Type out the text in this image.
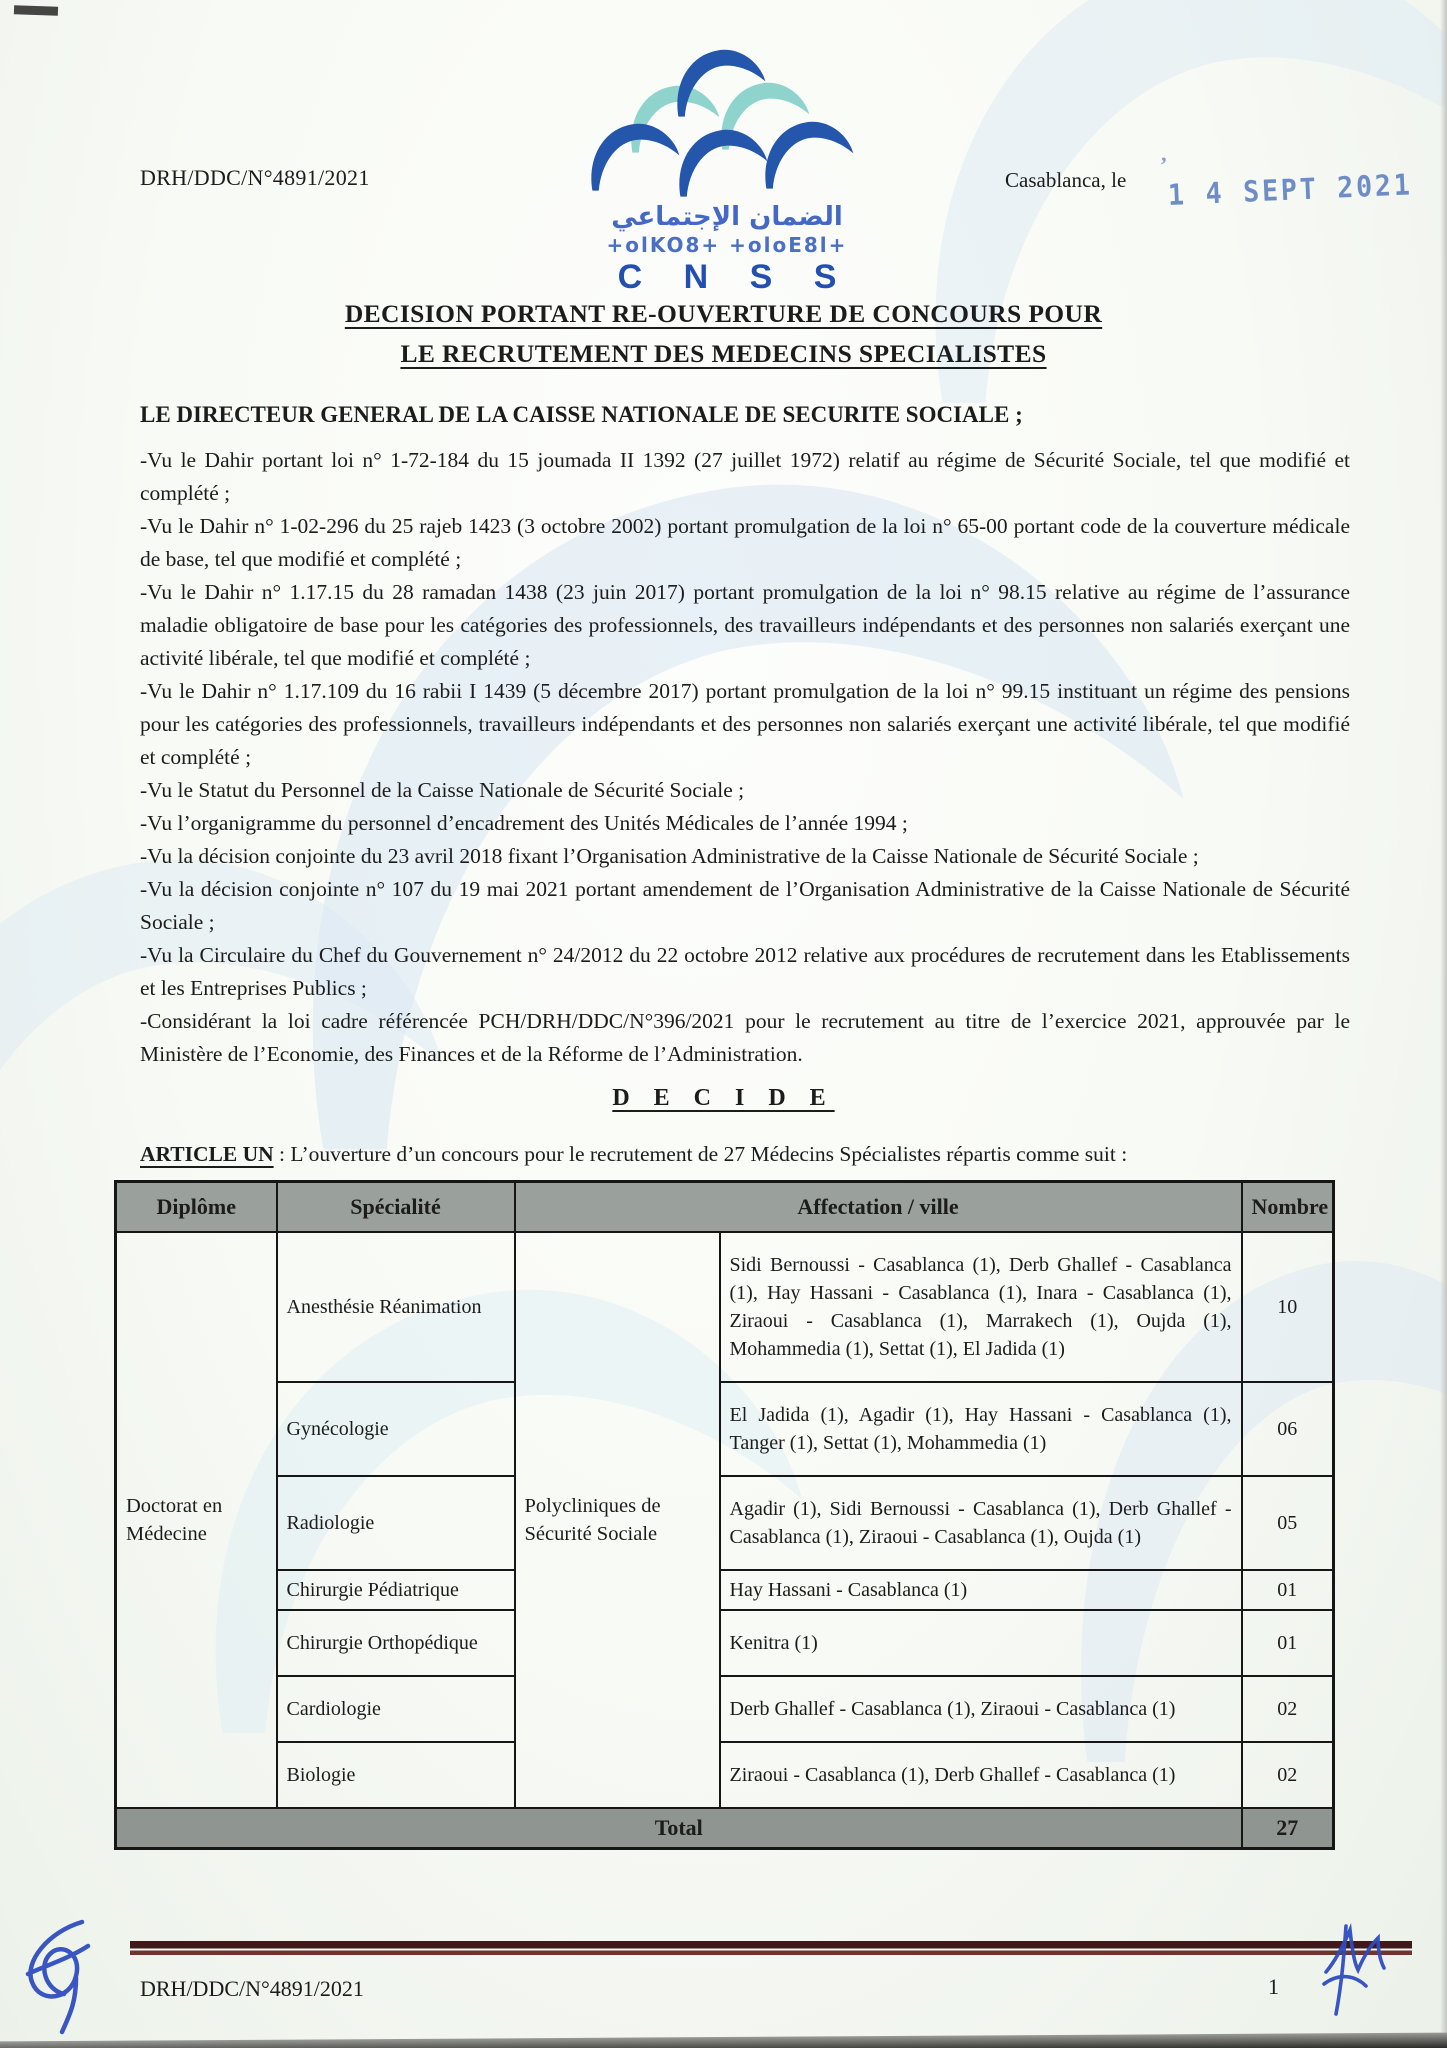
DRH/DDC/N°4891/2021
الضمان الإجتماعي
+olKO8+ +oloE8l+
C N S S
Casablanca, le
’
1 4 SEPT 2021
DECISION PORTANT RE-OUVERTURE DE CONCOURS POUR
LE RECRUTEMENT DES MEDECINS SPECIALISTES
LE DIRECTEUR GENERAL DE LA CAISSE NATIONALE DE SECURITE SOCIALE ;

-Vu le Dahir portant loi n° 1-72-184 du 15 joumada II 1392 (27 juillet 1972) relatif au régime de Sécurité Sociale, tel que modifié et complété ;

-Vu le Dahir n° 1-02-296 du 25 rajeb 1423 (3 octobre 2002) portant promulgation de la loi n° 65-00 portant code de la couverture médicale de base, tel que modifié et complété ;

-Vu le Dahir n° 1.17.15 du 28 ramadan 1438 (23 juin 2017) portant promulgation de la loi n° 98.15 relative au régime de l’assurance maladie obligatoire de base pour les catégories des professionnels, des travailleurs indépendants et des personnes non salariés exerçant une activité libérale, tel que modifié et complété ;

-Vu le Dahir n° 1.17.109 du 16 rabii I 1439 (5 décembre 2017) portant promulgation de la loi n° 99.15 instituant un régime des pensions pour les catégories des professionnels, travailleurs indépendants et des personnes non salariés exerçant une activité libérale, tel que modifié et complété ;

-Vu le Statut du Personnel de la Caisse Nationale de Sécurité Sociale ;

-Vu l’organigramme du personnel d’encadrement des Unités Médicales de l’année 1994 ;

-Vu la décision conjointe du 23 avril 2018 fixant l’Organisation Administrative de la Caisse Nationale de Sécurité Sociale ;

-Vu la décision conjointe n° 107 du 19 mai 2021 portant amendement de l’Organisation Administrative de la Caisse Nationale de Sécurité Sociale ;

-Vu la Circulaire du Chef du Gouvernement n° 24/2012 du 22 octobre 2012 relative aux procédures de recrutement dans les Etablissements et les Entreprises Publics ;

-Considérant la loi cadre référencée PCH/DRH/DDC/N°396/2021 pour le recrutement au titre de l’exercice 2021, approuvée par le Ministère de l’Economie, des Finances et de la Réforme de l’Administration.

D E C I D E
ARTICLE UN : L’ouverture d’un concours pour le recrutement de 27 Médecins Spécialistes répartis comme suit :
Diplôme	Spécialité	Affectation / ville		Nombre
Doctorat en Médecine	Anesthésie Réanimation	Polycliniques de Sécurité Sociale	Sidi Bernoussi - Casablanca (1), Derb Ghallef - Casablanca (1), Hay Hassani - Casablanca (1), Inara - Casablanca (1), Ziraoui - Casablanca (1), Marrakech (1), Oujda (1), Mohammedia (1), Settat (1), El Jadida (1)	10
	Gynécologie		El Jadida (1), Agadir (1), Hay Hassani - Casablanca (1), Tanger (1), Settat (1), Mohammedia (1)	06
	Radiologie		Agadir (1), Sidi Bernoussi - Casablanca (1), Derb Ghallef - Casablanca (1), Ziraoui - Casablanca (1), Oujda (1)	05
	Chirurgie Pédiatrique		Hay Hassani - Casablanca (1)	01
	Chirurgie Orthopédique		Kenitra (1)	01
	Cardiologie		Derb Ghallef - Casablanca (1), Ziraoui - Casablanca (1)	02
	Biologie		Ziraoui - Casablanca (1), Derb Ghallef - Casablanca (1)	02
Total				27
DRH/DDC/N°4891/2021	1
